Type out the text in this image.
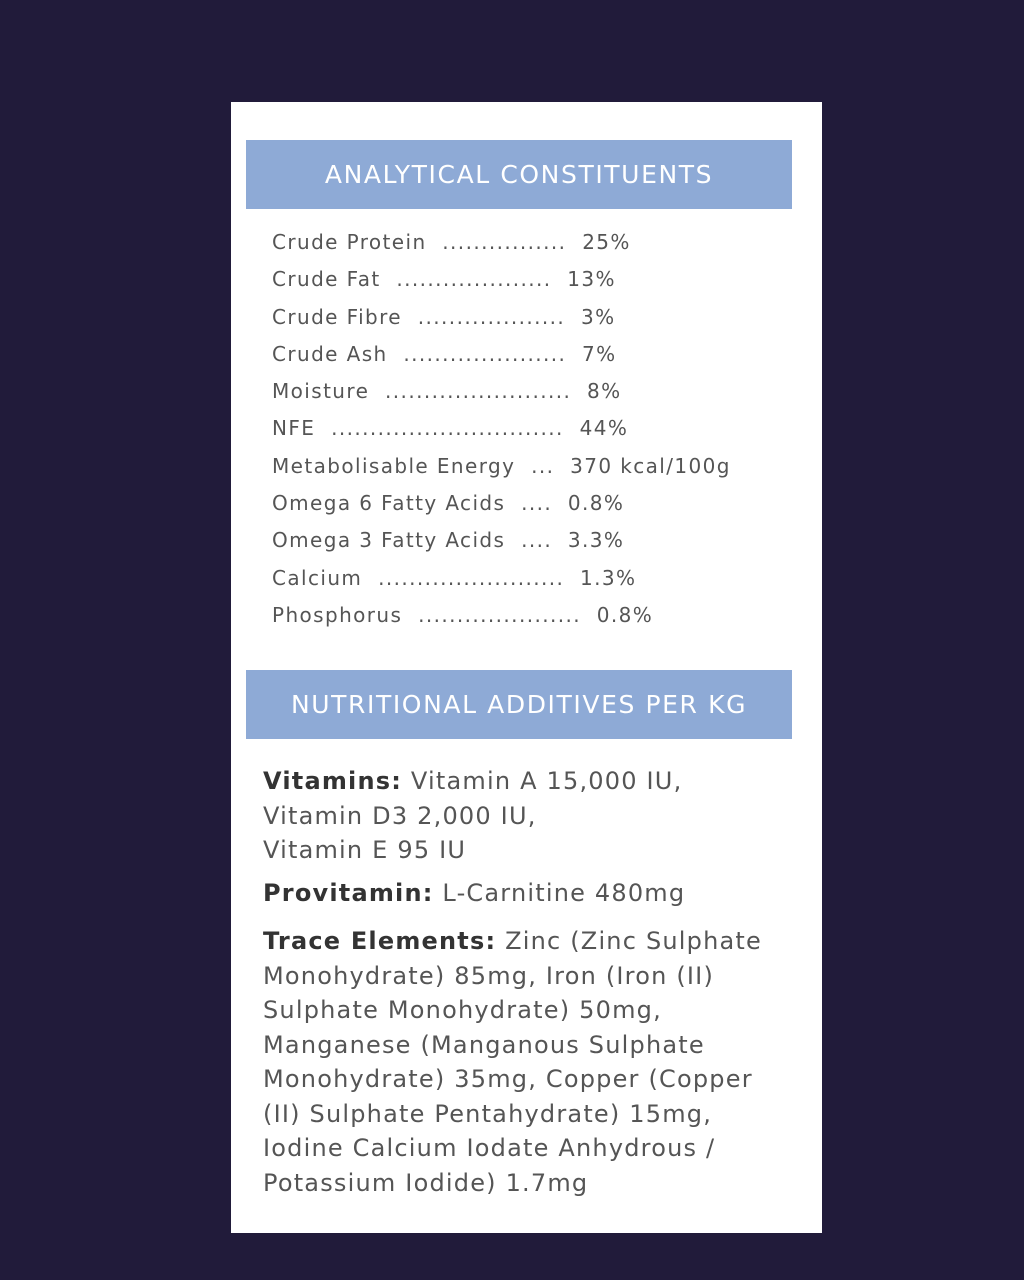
ANALYTICAL CONSTITUENTS
Crude Protein ................ 25%
Crude Fat .................... 13%
Crude Fibre ................... 3%
Crude Ash ..................... 7%
Moisture ........................ 8%
NFE .............................. 44%
Metabolisable Energy ... 370 kcal/100g
Omega 6 Fatty Acids .... 0.8%
Omega 3 Fatty Acids .... 3.3%
Calcium ........................ 1.3%
Phosphorus ..................... 0.8%
NUTRITIONAL ADDITIVES PER KG

Vitamins: Vitamin A 15,000 IU,
Vitamin D3 2,000 IU,
Vitamin E 95 IU

Provitamin: L-Carnitine 480mg

Trace Elements: Zinc (Zinc Sulphate
Monohydrate) 85mg, Iron (Iron (II)
Sulphate Monohydrate) 50mg,
Manganese (Manganous Sulphate
Monohydrate) 35mg, Copper (Copper
(II) Sulphate Pentahydrate) 15mg,
Iodine Calcium Iodate Anhydrous /
Potassium Iodide) 1.7mg
